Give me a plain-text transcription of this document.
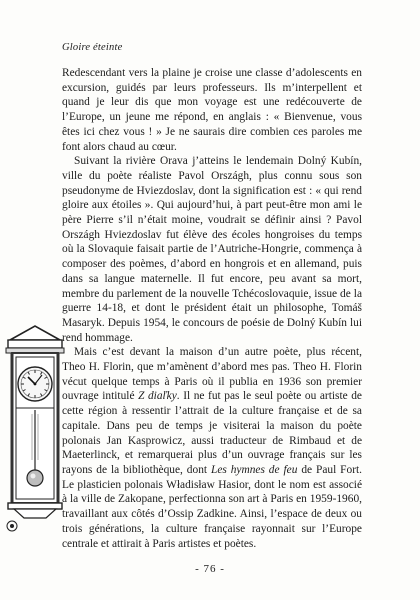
Gloire éteinte

Redescendant vers la plaine je croise une classe d’adolescents en excursion, guidés par leurs professeurs. Ils m’interpellent et quand je leur dis que mon voyage est une redécouverte de l’Europe, un jeune me répond, en anglais : « Bienvenue, vous êtes ici chez vous ! » Je ne saurais dire combien ces paroles me font alors chaud au cœur.

Suivant la rivière Orava j’atteins le lendemain Dolný Kubín, ville du poète réaliste Pavol Országh, plus connu sous son pseudonyme de Hviezdoslav, dont la signification est : « qui rend gloire aux étoiles ». Qui aujourd’hui, à part peut-être mon ami le père Pierre s’il n’était moine, voudrait se définir ainsi ? Pavol Országh Hviezdoslav fut élève des écoles hongroises du temps où la Slovaquie faisait partie de l’Autriche-Hongrie, commença à composer des poèmes, d’abord en hongrois et en allemand, puis dans sa langue maternelle. Il fut encore, peu avant sa mort, membre du parlement de la nouvelle Tchécoslovaquie, issue de la guerre 14-18, et dont le président était un philosophe, Tomáš Masaryk. Depuis 1954, le concours de poésie de Dolný Kubín lui rend hommage.

Mais c’est devant la maison d’un autre poète, plus récent, Theo H. Florin, que m’amènent d’abord mes pas. Theo H. Florin vécut quelque temps à Paris où il publia en 1936 son premier ouvrage intitulé Z diaľky. Il ne fut pas le seul poète ou artiste de cette région à ressentir l’attrait de la culture française et de sa capitale. Dans peu de temps je visiterai la maison du poète polonais Jan Kasprowicz, aussi traducteur de Rimbaud et de Maeterlinck, et remarquerai plus d’un ouvrage français sur les rayons de la bibliothèque, dont Les hymnes de feu de Paul Fort. Le plasticien polonais Władisław Hasior, dont le nom est associé à la ville de Zakopane, perfectionna son art à Paris en 1959-1960, travaillant aux côtés d’Ossip Zadkine. Ainsi, l’espace de deux ou trois générations, la culture française rayonnait sur l’Europe centrale et attirait à Paris artistes et poètes.

- 76 -
